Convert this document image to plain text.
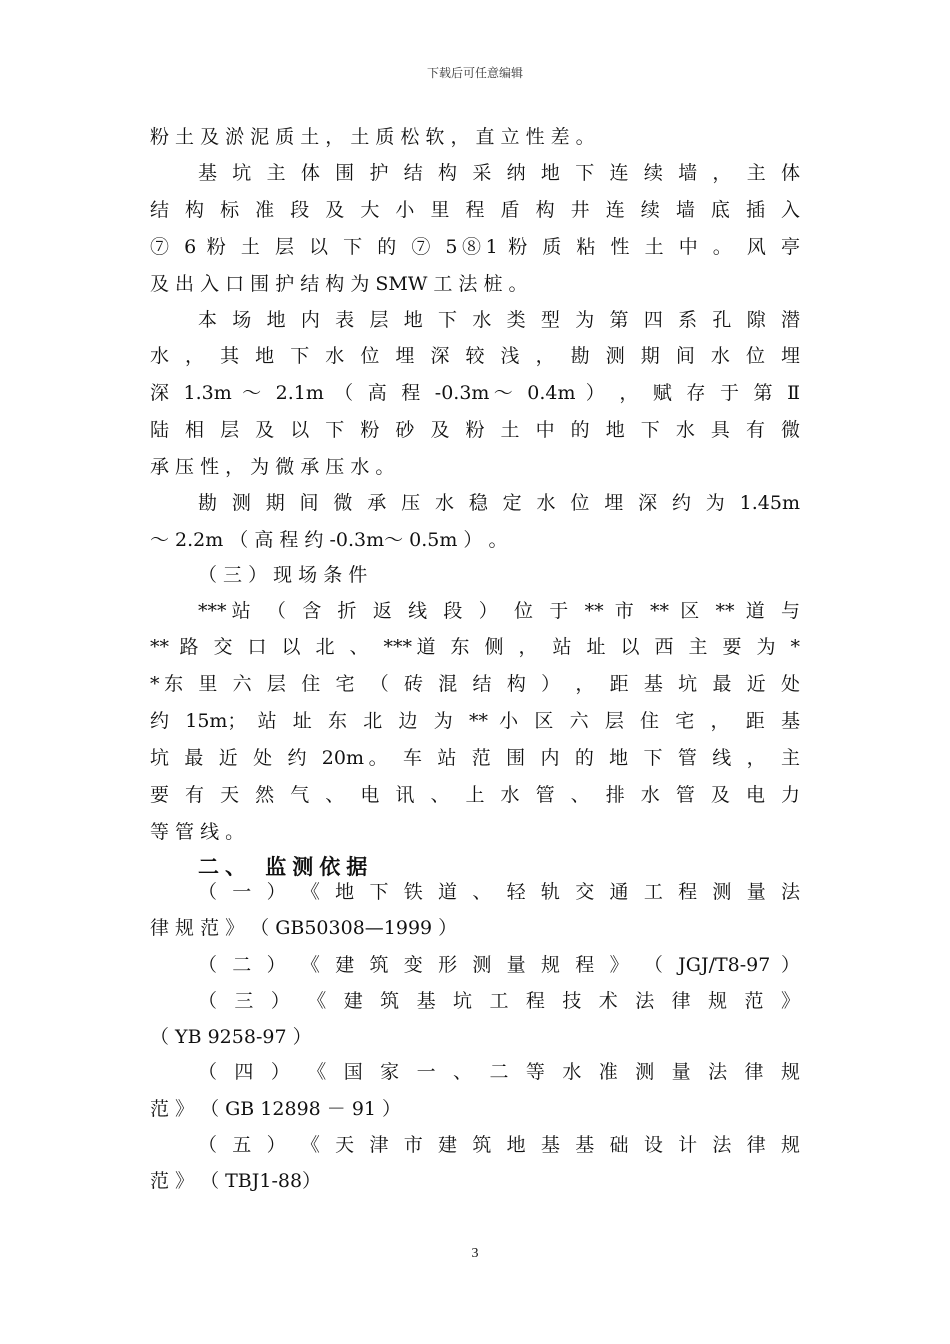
下载后可任意编辑
粉 土 及 淤 泥 质 土 ， 土 质 松 软 ， 直 立 性 差 。
基 坑 主 体 围 护 结 构 采 纳 地 下 连 续 墙 ， 主 体
结 构 标 准 段 及 大 小 里 程 盾 构 井 连 续 墙 底 插 入
⑦ 6 粉 土 层 以 下 的 ⑦ 5⑧1 粉 质 粘 性 土 中 。 风 亭
及 出 入 口 围 护 结 构 为 SMW 工 法 桩 。
本 场 地 内 表 层 地 下 水 类 型 为 第 四 系 孔 隙 潜
水 ， 其 地 下 水 位 埋 深 较 浅 ， 勘 测 期 间 水 位 埋
深 1.3m ～ 2.1m （ 高 程 -0.3m～ 0.4m ） ， 赋 存 于 第 Ⅱ
陆 相 层 及 以 下 粉 砂 及 粉 土 中 的 地 下 水 具 有 微
承 压 性 ， 为 微 承 压 水 。
勘 测 期 间 微 承 压 水 稳 定 水 位 埋 深 约 为 1.45m
～ 2.2m （ 高 程 约 -0.3m～ 0.5m ） 。
（ 三 ） 现 场 条 件
***站 （ 含 折 返 线 段 ） 位 于 ** 市 ** 区 ** 道 与
** 路 交 口 以 北 、 ***道 东 侧 ， 站 址 以 西 主 要 为 *
*东 里 六 层 住 宅 （ 砖 混 结 构 ） ， 距 基 坑 最 近 处
约 15m； 站 址 东 北 边 为 ** 小 区 六 层 住 宅 ， 距 基
坑 最 近 处 约 20m。 车 站 范 围 内 的 地 下 管 线 ， 主
要 有 天 然 气 、 电 讯 、 上 水 管 、 排 水 管 及 电 力
等 管 线 。
二、 监测依据
（ 一 ） 《 地 下 铁 道 、 轻 轨 交 通 工 程 测 量 法
律 规 范 》 （ GB50308—1999 ）
（ 二 ） 《 建 筑 变 形 测 量 规 程 》 （ JGJ/T8-97 ）
（ 三 ） 《 建 筑 基 坑 工 程 技 术 法 律 规 范 》
（ YB 9258-97 ）
（ 四 ） 《 国 家 一 、 二 等 水 准 测 量 法 律 规
范 》 （ GB 12898 － 91 ）
（ 五 ） 《 天 津 市 建 筑 地 基 基 础 设 计 法 律 规
范 》 （ TBJ1-88）
3
